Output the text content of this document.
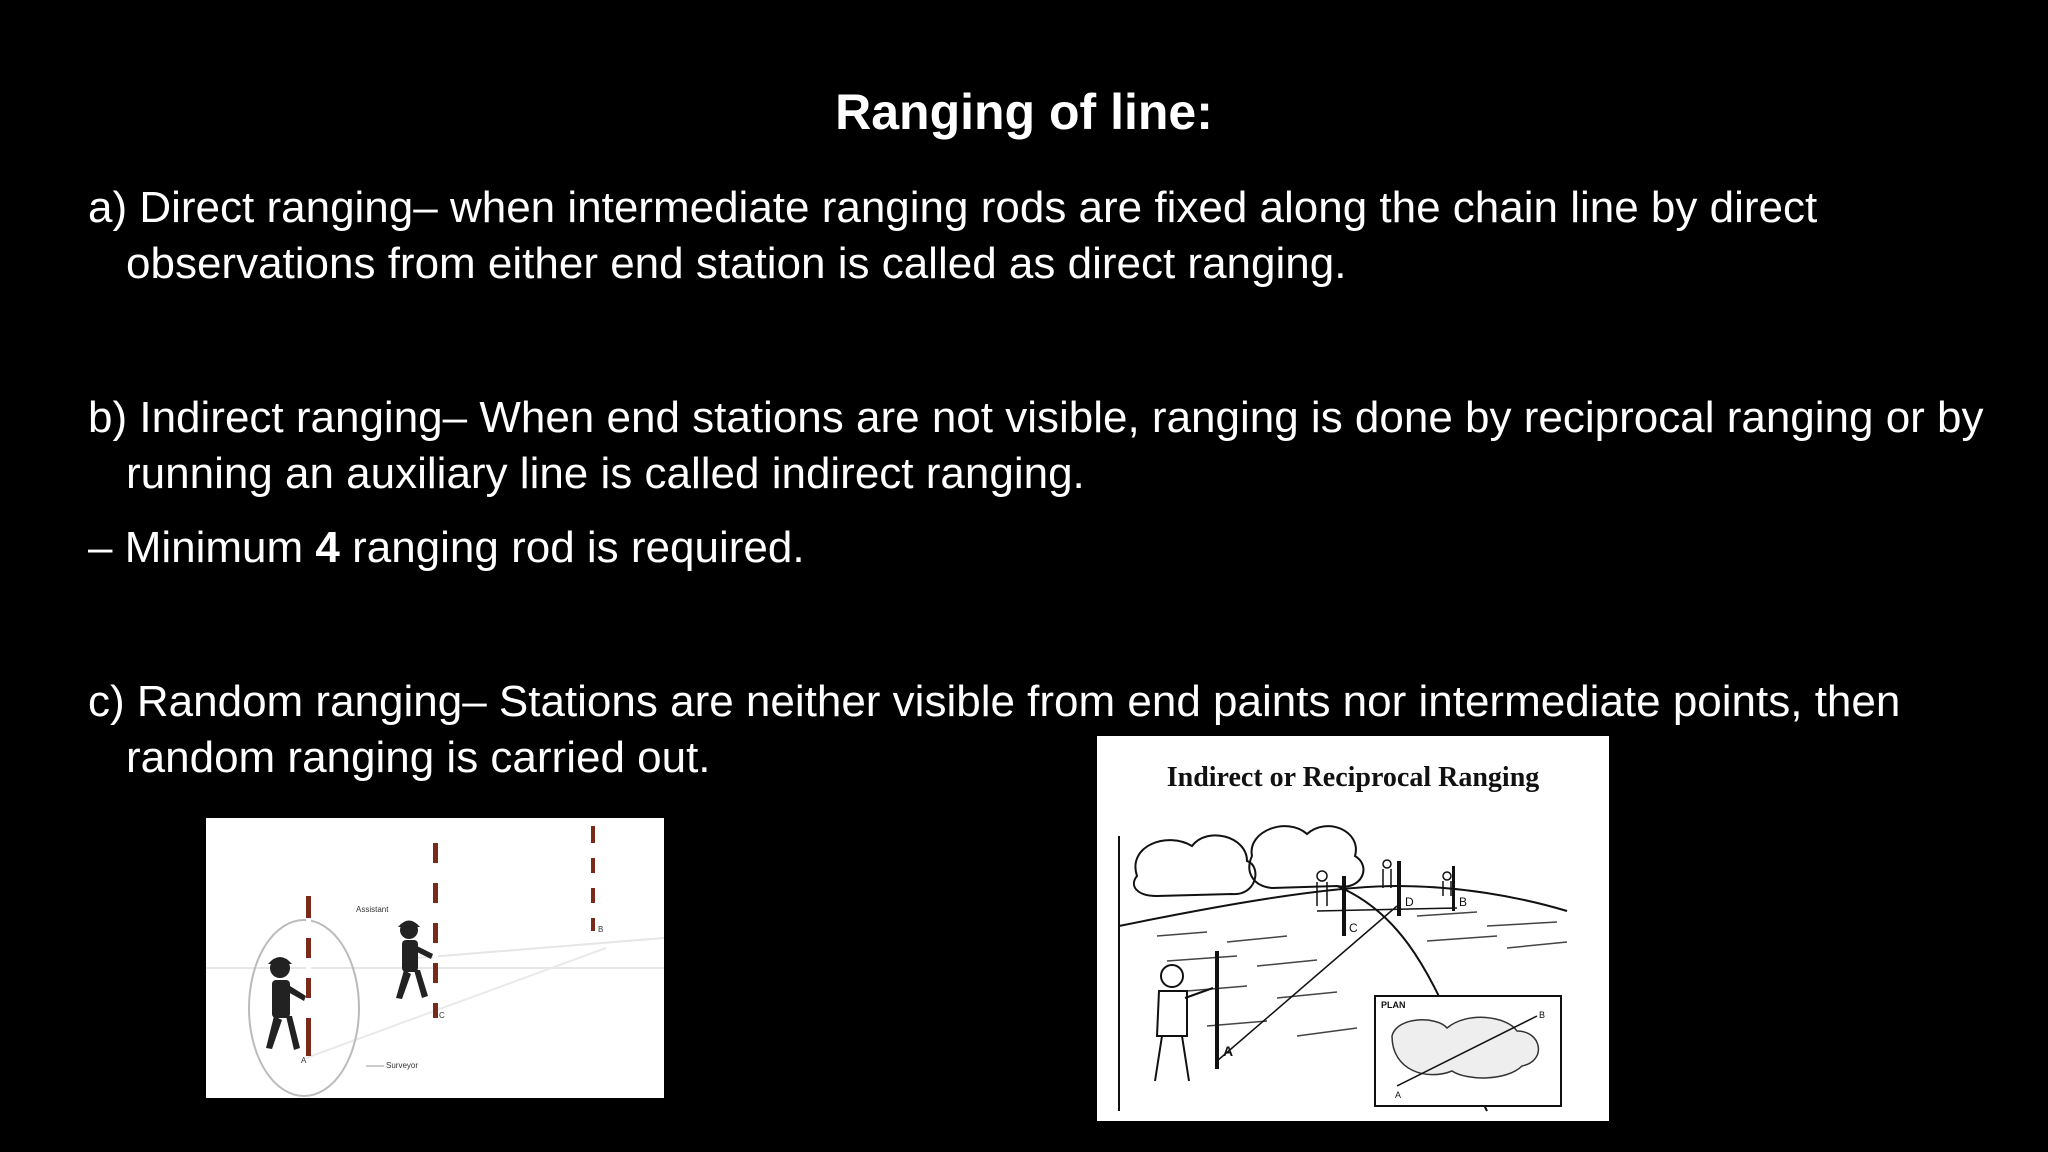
Ranging of line:
a) Direct ranging– when intermediate ranging rods are fixed along the chain line by direct observations from either end station is called as direct ranging.
b) Indirect ranging– When end stations are not visible, ranging is done by reciprocal ranging or by running an auxiliary line is called indirect ranging.
– Minimum 4 ranging rod is required.
c) Random ranging– Stations are neither visible from end paints nor intermediate points, then random ranging is carried out.
Assistant
Surveyor
A
C
B
Indirect or Reciprocal Ranging
A
C
D	B
PLAN
A
B
